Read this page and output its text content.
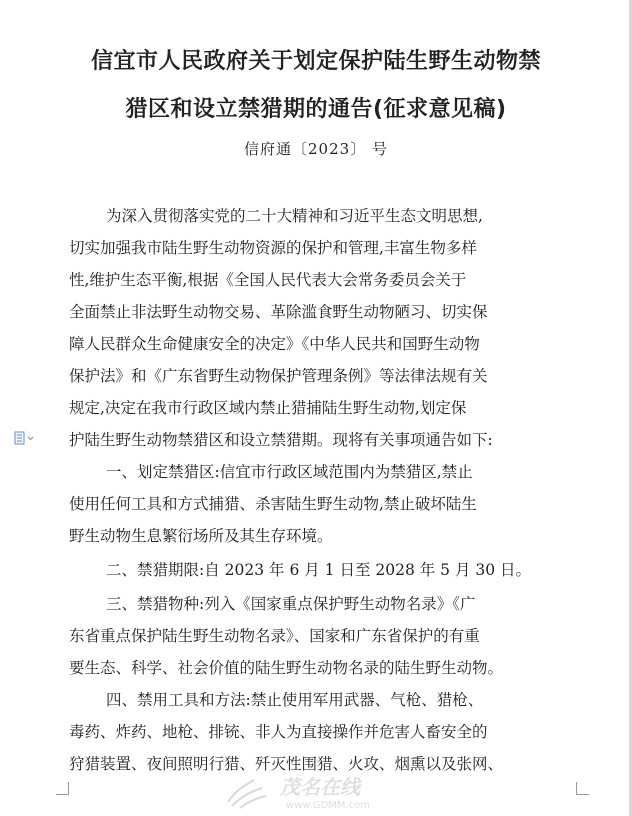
信宜市人民政府关于划定保护陆生野生动物禁
猎区和设立禁猎期的通告(征求意见稿)
信府通〔2023〕 号
为深入贯彻落实党的二十大精神和习近平生态文明思想,
切实加强我市陆生野生动物资源的保护和管理,丰富生物多样
性,维护生态平衡,根据《全国人民代表大会常务委员会关于
全面禁止非法野生动物交易、革除滥食野生动物陋习、切实保
障人民群众生命健康安全的决定》《中华人民共和国野生动物
保护法》和《广东省野生动物保护管理条例》等法律法规有关
规定,决定在我市行政区域内禁止猎捕陆生野生动物,划定保
护陆生野生动物禁猎区和设立禁猎期。现将有关事项通告如下:
一、划定禁猎区:信宜市行政区域范围内为禁猎区,禁止
使用任何工具和方式捕猎、杀害陆生野生动物,禁止破坏陆生
野生动物生息繁衍场所及其生存环境。
二、禁猎期限:自 2023 年 6 月 1 日至 2028 年 5 月 30 日。
三、禁猎物种:列入《国家重点保护野生动物名录》《广
东省重点保护陆生野生动物名录》、国家和广东省保护的有重
要生态、科学、社会价值的陆生野生动物名录的陆生野生动物。
四、禁用工具和方法:禁止使用军用武器、气枪、猎枪、
毒药、炸药、地枪、排铳、非人为直接操作并危害人畜安全的
狩猎装置、夜间照明行猎、歼灭性围猎、火攻、烟熏以及张网、
茂名在线
www.GDMM.com
